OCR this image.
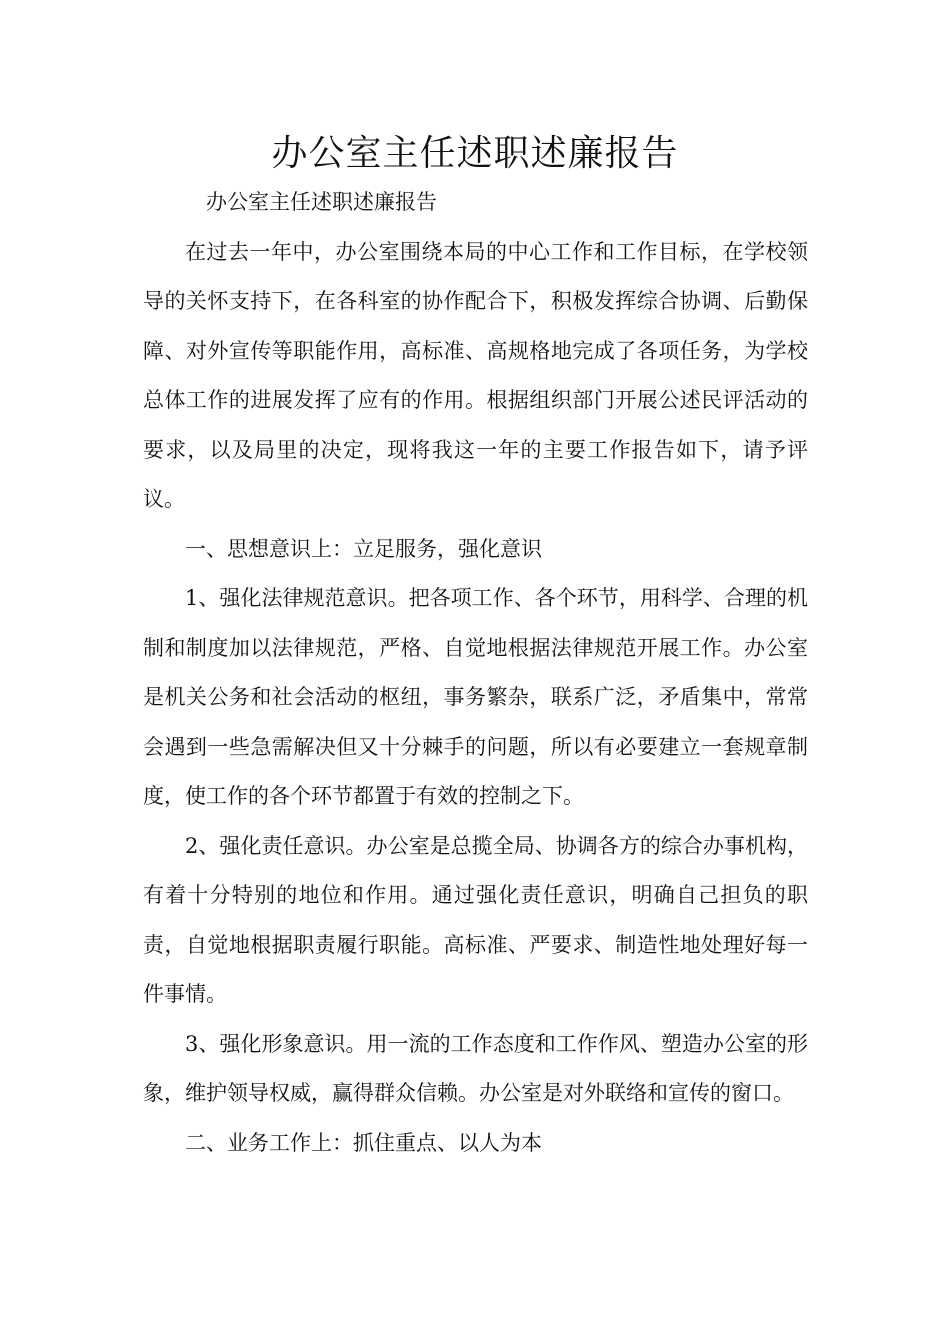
办公室主任述职述廉报告

办公室主任述职述廉报告

在过去一年中，办公室围绕本局的中心工作和工作目标，在学校领导的关怀支持下，在各科室的协作配合下，积极发挥综合协调、后勤保障、对外宣传等职能作用，高标准、高规格地完成了各项任务，为学校总体工作的进展发挥了应有的作用。根据组织部门开展公述民评活动的要求，以及局里的决定，现将我这一年的主要工作报告如下，请予评议。

一、思想意识上：立足服务，强化意识

1、强化法律规范意识。把各项工作、各个环节，用科学、合理的机制和制度加以法律规范，严格、自觉地根据法律规范开展工作。办公室是机关公务和社会活动的枢纽，事务繁杂，联系广泛，矛盾集中，常常会遇到一些急需解决但又十分棘手的问题，所以有必要建立一套规章制度，使工作的各个环节都置于有效的控制之下。

2、强化责任意识。办公室是总揽全局、协调各方的综合办事机构，有着十分特别的地位和作用。通过强化责任意识，明确自己担负的职责，自觉地根据职责履行职能。高标准、严要求、制造性地处理好每一件事情。

3、强化形象意识。用一流的工作态度和工作作风、塑造办公室的形象，维护领导权威，赢得群众信赖。办公室是对外联络和宣传的窗口。

二、业务工作上：抓住重点、以人为本
